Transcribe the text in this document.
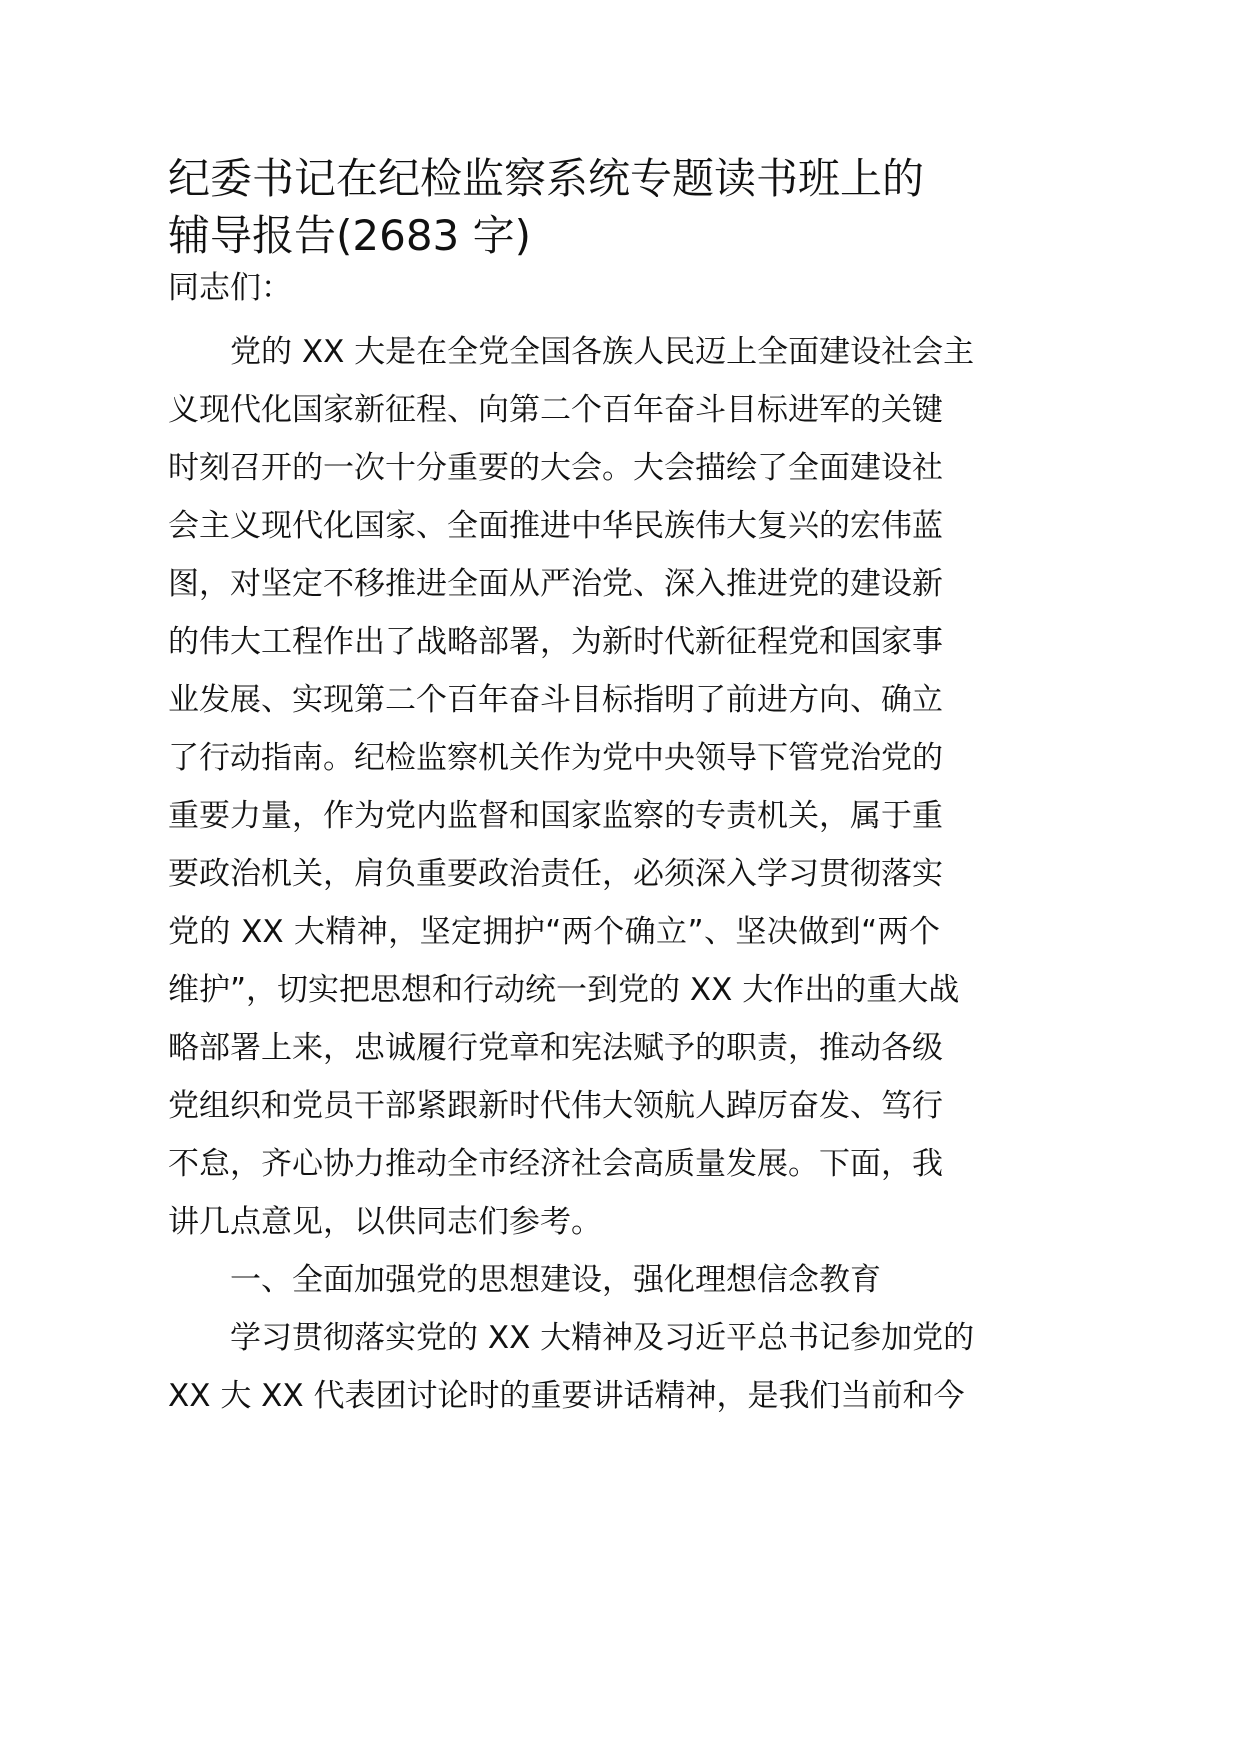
纪委书记在纪检监察系统专题读书班上的
辅导报告(2683 字)
同志们：
　　党的 XX 大是在全党全国各族人民迈上全面建设社会主
义现代化国家新征程、向第二个百年奋斗目标进军的关键
时刻召开的一次十分重要的大会。大会描绘了全面建设社
会主义现代化国家、全面推进中华民族伟大复兴的宏伟蓝
图，对坚定不移推进全面从严治党、深入推进党的建设新
的伟大工程作出了战略部署，为新时代新征程党和国家事
业发展、实现第二个百年奋斗目标指明了前进方向、确立
了行动指南。纪检监察机关作为党中央领导下管党治党的
重要力量，作为党内监督和国家监察的专责机关，属于重
要政治机关，肩负重要政治责任，必须深入学习贯彻落实
党的 XX 大精神，坚定拥护“两个确立”、坚决做到“两个
维护”，切实把思想和行动统一到党的 XX 大作出的重大战
略部署上来，忠诚履行党章和宪法赋予的职责，推动各级
党组织和党员干部紧跟新时代伟大领航人踔厉奋发、笃行
不怠，齐心协力推动全市经济社会高质量发展。下面，我
讲几点意见，以供同志们参考。
　　一、全面加强党的思想建设，强化理想信念教育
　　学习贯彻落实党的 XX 大精神及习近平总书记参加党的
XX 大 XX 代表团讨论时的重要讲话精神，是我们当前和今
